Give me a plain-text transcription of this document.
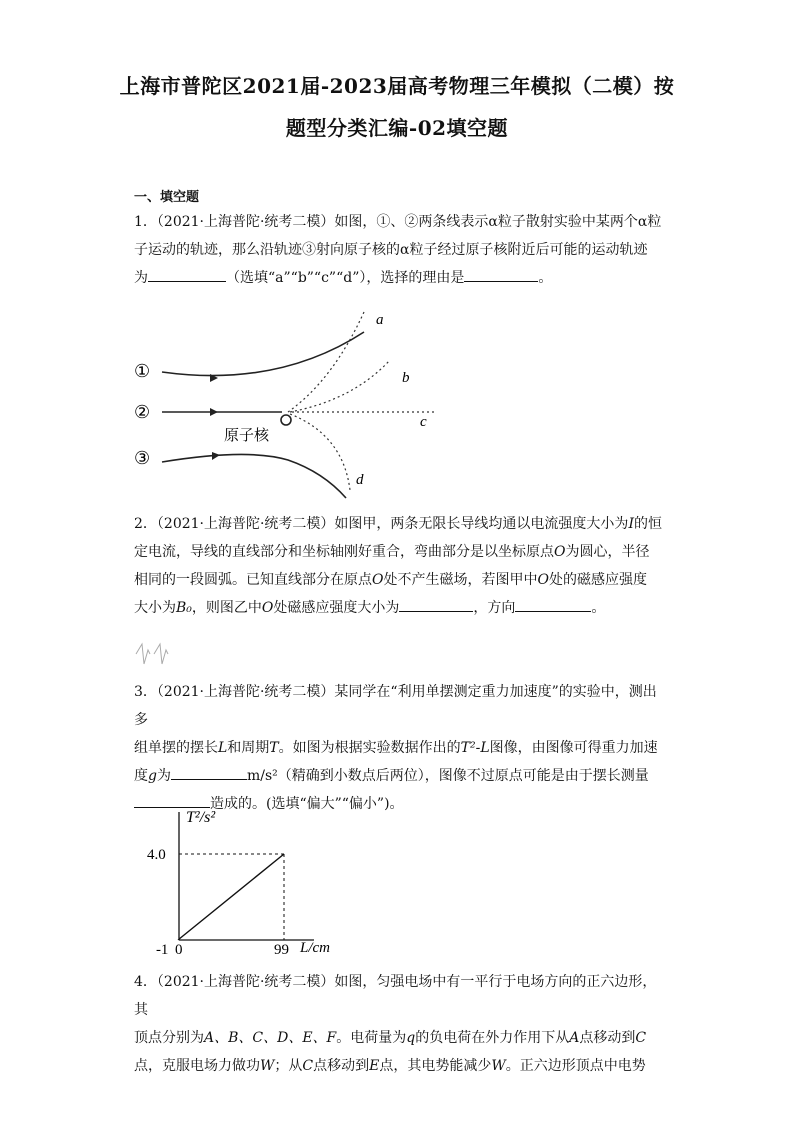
上海市普陀区2021届-2023届高考物理三年模拟（二模）按
题型分类汇编-02填空题
一、填空题
1．（2021·上海普陀·统考二模）如图，①、②两条线表示α粒子散射实验中某两个α粒
子运动的轨迹，那么沿轨迹③射向原子核的α粒子经过原子核附近后可能的运动轨迹
为	（选填“a”“b”“c”“d”），选择的理由是	。
①
②
③
原子核
a
b
c
d
2．（2021·上海普陀·统考二模）如图甲，两条无限长导线均通以电流强度大小为I的恒
定电流，导线的直线部分和坐标轴刚好重合，弯曲部分是以坐标原点O为圆心，半径
相同的一段圆弧。已知直线部分在原点O处不产生磁场，若图甲中O处的磁感应强度
大小为B₀，则图乙中O处磁感应强度大小为	，方向	。
3．（2021·上海普陀·统考二模）某同学在“利用单摆测定重力加速度”的实验中，测出多
组单摆的摆长L和周期T。如图为根据实验数据作出的T²-L图像，由图像可得重力加速
度g为	m/s²（精确到小数点后两位），图像不过原点可能是由于摆长测量
造成的。(选填“偏大”“偏小”)。
T²/s²
L/cm
4.0
-1 0	99
4．（2021·上海普陀·统考二模）如图，匀强电场中有一平行于电场方向的正六边形，其
顶点分别为A、B、C、D、E、F。电荷量为q的负电荷在外力作用下从A点移动到C
点，克服电场力做功W；从C点移动到E点，其电势能减少W。正六边形顶点中电势
